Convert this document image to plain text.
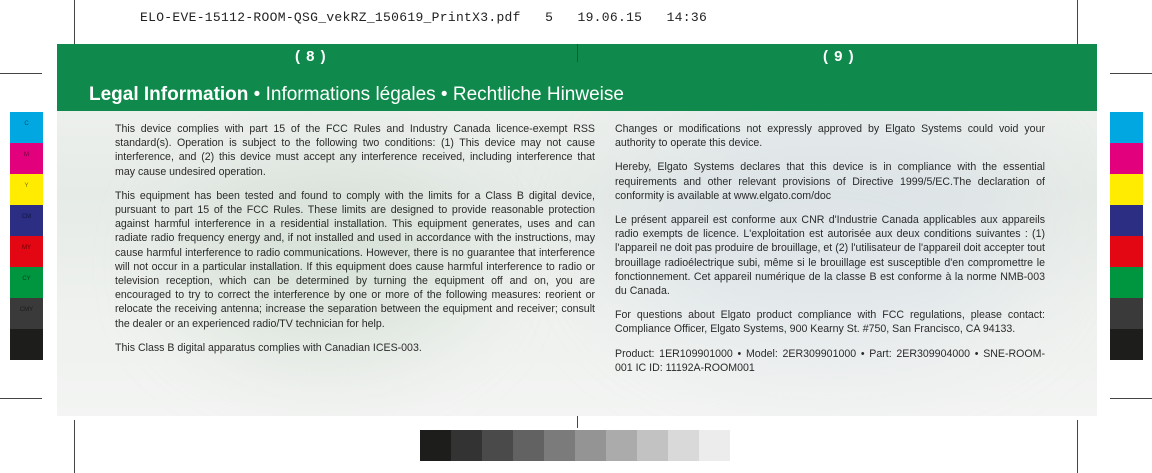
ELO-EVE-15112-ROOM-QSG_vekRZ_150619_PrintX3.pdf   5   19.06.15   14:36
( 8 )	( 9 )
Legal Information • Informations légales • Rechtliche Hinweise

This device complies with part 15 of the FCC Rules and Industry Canada licence-exempt RSS standard(s). Operation is subject to the following two conditions: (1) This device may not cause interference, and (2) this device must accept any interference received, including interference that may cause undesired operation.

This equipment has been tested and found to comply with the limits for a Class B digital device, pursuant to part 15 of the FCC Rules. These limits are designed to provide reasonable protection against harmful interference in a residential installation. This equipment generates, uses and can radiate radio frequency energy and, if not installed and used in accordance with the instructions, may cause harmful interference to radio communications. However, there is no guarantee that interference will not occur in a particular installation. If this equipment does cause harmful interference to radio or television reception, which can be determined by turning the equipment off and on, you are encouraged to try to correct the interference by one or more of the following measures: reorient or relocate the receiving antenna; increase the separation between the equipment and receiver; consult the dealer or an experienced radio/TV technician for help.

This Class B digital apparatus complies with Canadian ICES-003.

Changes or modifications not expressly approved by Elgato Systems could void your authority to operate this device.

Hereby, Elgato Systems declares that this device is in compliance with the essential requirements and other relevant provisions of Directive 1999/5/EC.The declaration of conformity is available at www.elgato.com/doc

Le présent appareil est conforme aux CNR d'Industrie Canada applicables aux appareils radio exempts de licence. L'exploitation est autorisée aux deux conditions suivantes : (1) l'appareil ne doit pas produire de brouillage, et (2) l'utilisateur de l'appareil doit accepter tout brouillage radioélectrique subi, même si le brouillage est susceptible d'en compromettre le fonctionnement. Cet appareil numérique de la classe B est conforme à la norme NMB-003 du Canada.

For questions about Elgato product compliance with FCC regulations, please contact: Compliance Officer, Elgato Systems, 900 Kearny St. #750, San Francisco, CA 94133.

Product: 1ER109901000 • Model: 2ER309901000 • Part: 2ER309904000 • SNE-ROOM-001 IC ID: 11192A-ROOM001

C
M
Y
CM
MY
CY
CMY
